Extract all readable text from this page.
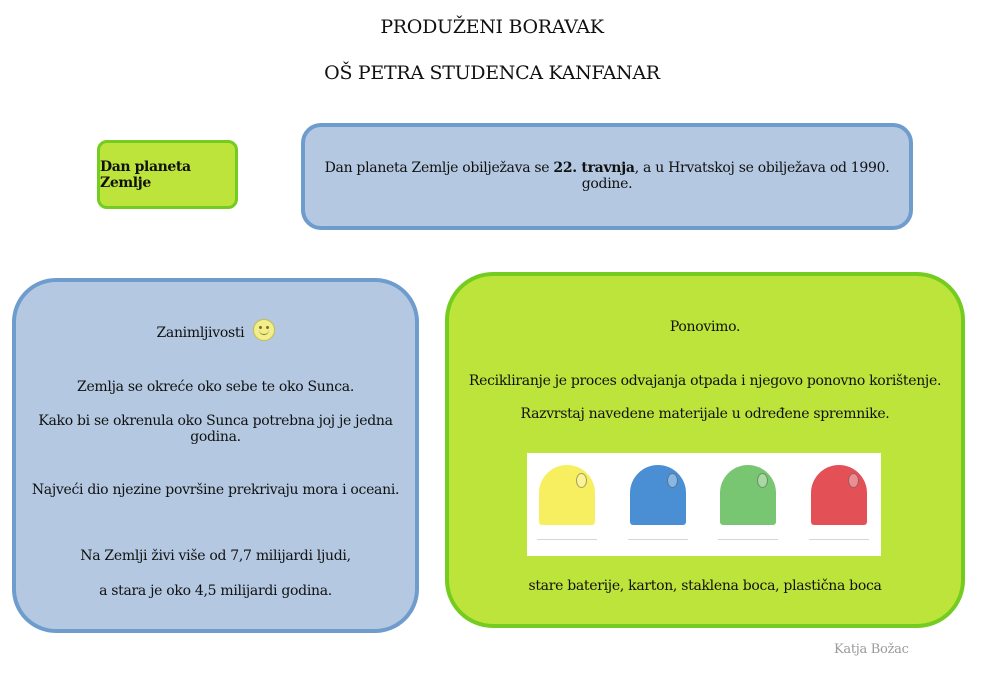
PRODUŽENI BORAVAK
OŠ PETRA STUDENCA KANFANAR
Dan planeta Zemlje
Dan planeta Zemlje obilježava se 22. travnja, a u Hrvatskoj se obilježava od 1990. godine.
Zanimljivosti
Zemlja se okreće oko sebe te oko Sunca.
Kako bi se okrenula oko Sunca potrebna joj je jedna godina.
Najveći dio njezine površine prekrivaju mora i oceani.
Na Zemlji živi više od 7,7 milijardi ljudi,
a stara je oko 4,5 milijardi godina.
Ponovimo.
Recikliranje je proces odvajanja otpada i njegovo ponovno korištenje.
Razvrstaj navedene materijale u određene spremnike.
stare baterije, karton, staklena boca, plastična boca
Katja Božac
